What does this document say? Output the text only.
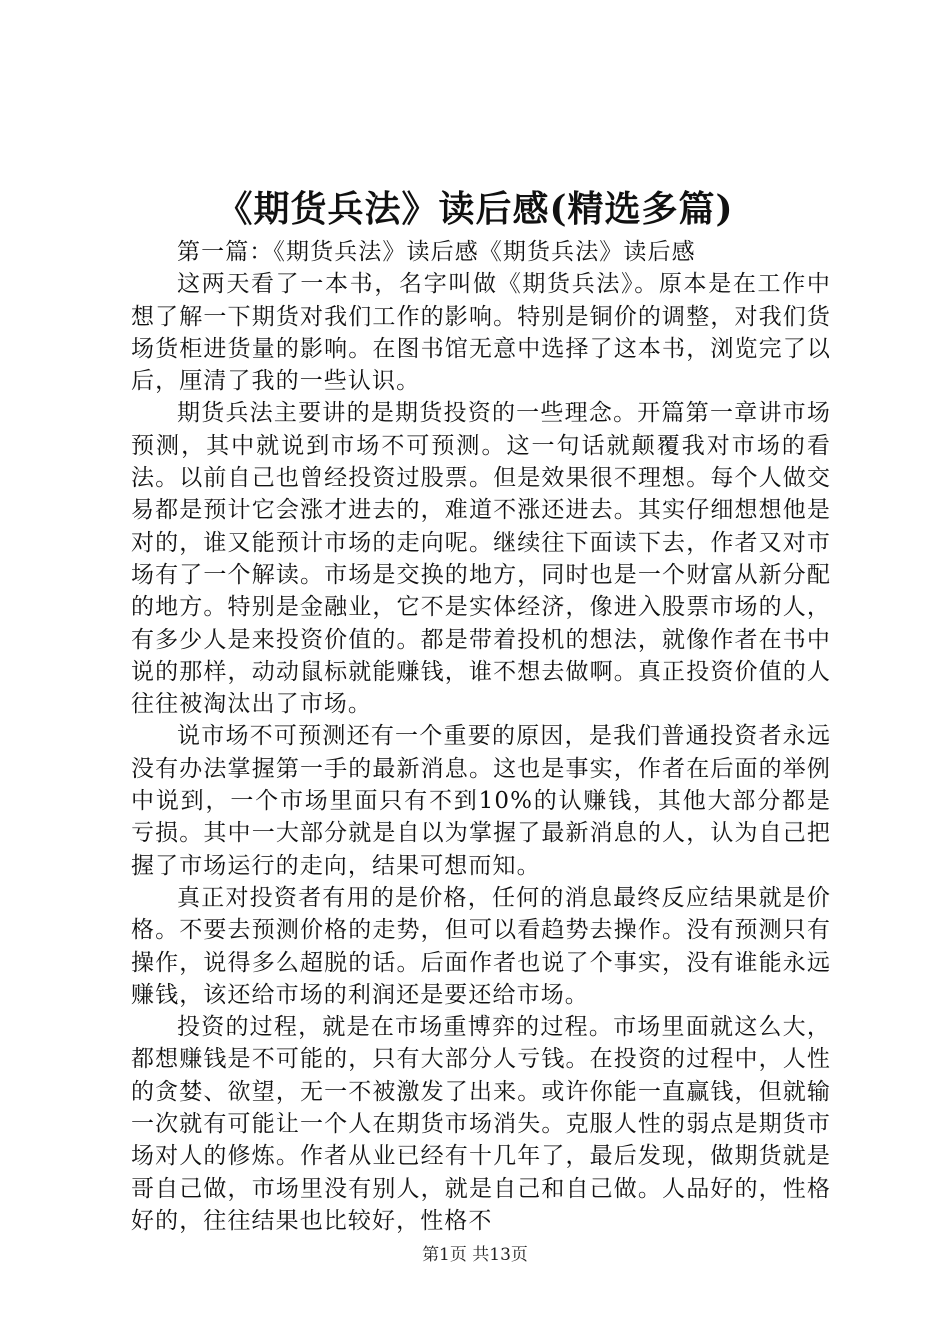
《期货兵法》读后感(精选多篇)

第一篇：《期货兵法》读后感《期货兵法》读后感

这两天看了一本书，名字叫做《期货兵法》。原本是在工作中想了解一下期货对我们工作的影响。特别是铜价的调整，对我们货场货柜进货量的影响。在图书馆无意中选择了这本书，浏览完了以后，厘清了我的一些认识。

期货兵法主要讲的是期货投资的一些理念。开篇第一章讲市场预测，其中就说到市场不可预测。这一句话就颠覆我对市场的看法。以前自己也曾经投资过股票。但是效果很不理想。每个人做交易都是预计它会涨才进去的，难道不涨还进去。其实仔细想想他是对的，谁又能预计市场的走向呢。继续往下面读下去，作者又对市场有了一个解读。市场是交换的地方，同时也是一个财富从新分配的地方。特别是金融业，它不是实体经济，像进入股票市场的人，有多少人是来投资价值的。都是带着投机的想法，就像作者在书中说的那样，动动鼠标就能赚钱，谁不想去做啊。真正投资价值的人往往被淘汰出了市场。

说市场不可预测还有一个重要的原因，是我们普通投资者永远没有办法掌握第一手的最新消息。这也是事实，作者在后面的举例中说到，一个市场里面只有不到10%的认赚钱，其他大部分都是亏损。其中一大部分就是自以为掌握了最新消息的人，认为自己把握了市场运行的走向，结果可想而知。

真正对投资者有用的是价格，任何的消息最终反应结果就是价格。不要去预测价格的走势，但可以看趋势去操作。没有预测只有操作，说得多么超脱的话。后面作者也说了个事实，没有谁能永远赚钱，该还给市场的利润还是要还给市场。

投资的过程，就是在市场重博弈的过程。市场里面就这么大，都想赚钱是不可能的，只有大部分人亏钱。在投资的过程中，人性的贪婪、欲望，无一不被激发了出来。或许你能一直赢钱，但就输一次就有可能让一个人在期货市场消失。克服人性的弱点是期货市场对人的修炼。作者从业已经有十几年了，最后发现，做期货就是哥自己做，市场里没有别人，就是自己和自己做。人品好的，性格好的，往往结果也比较好，性格不

第1页 共13页
